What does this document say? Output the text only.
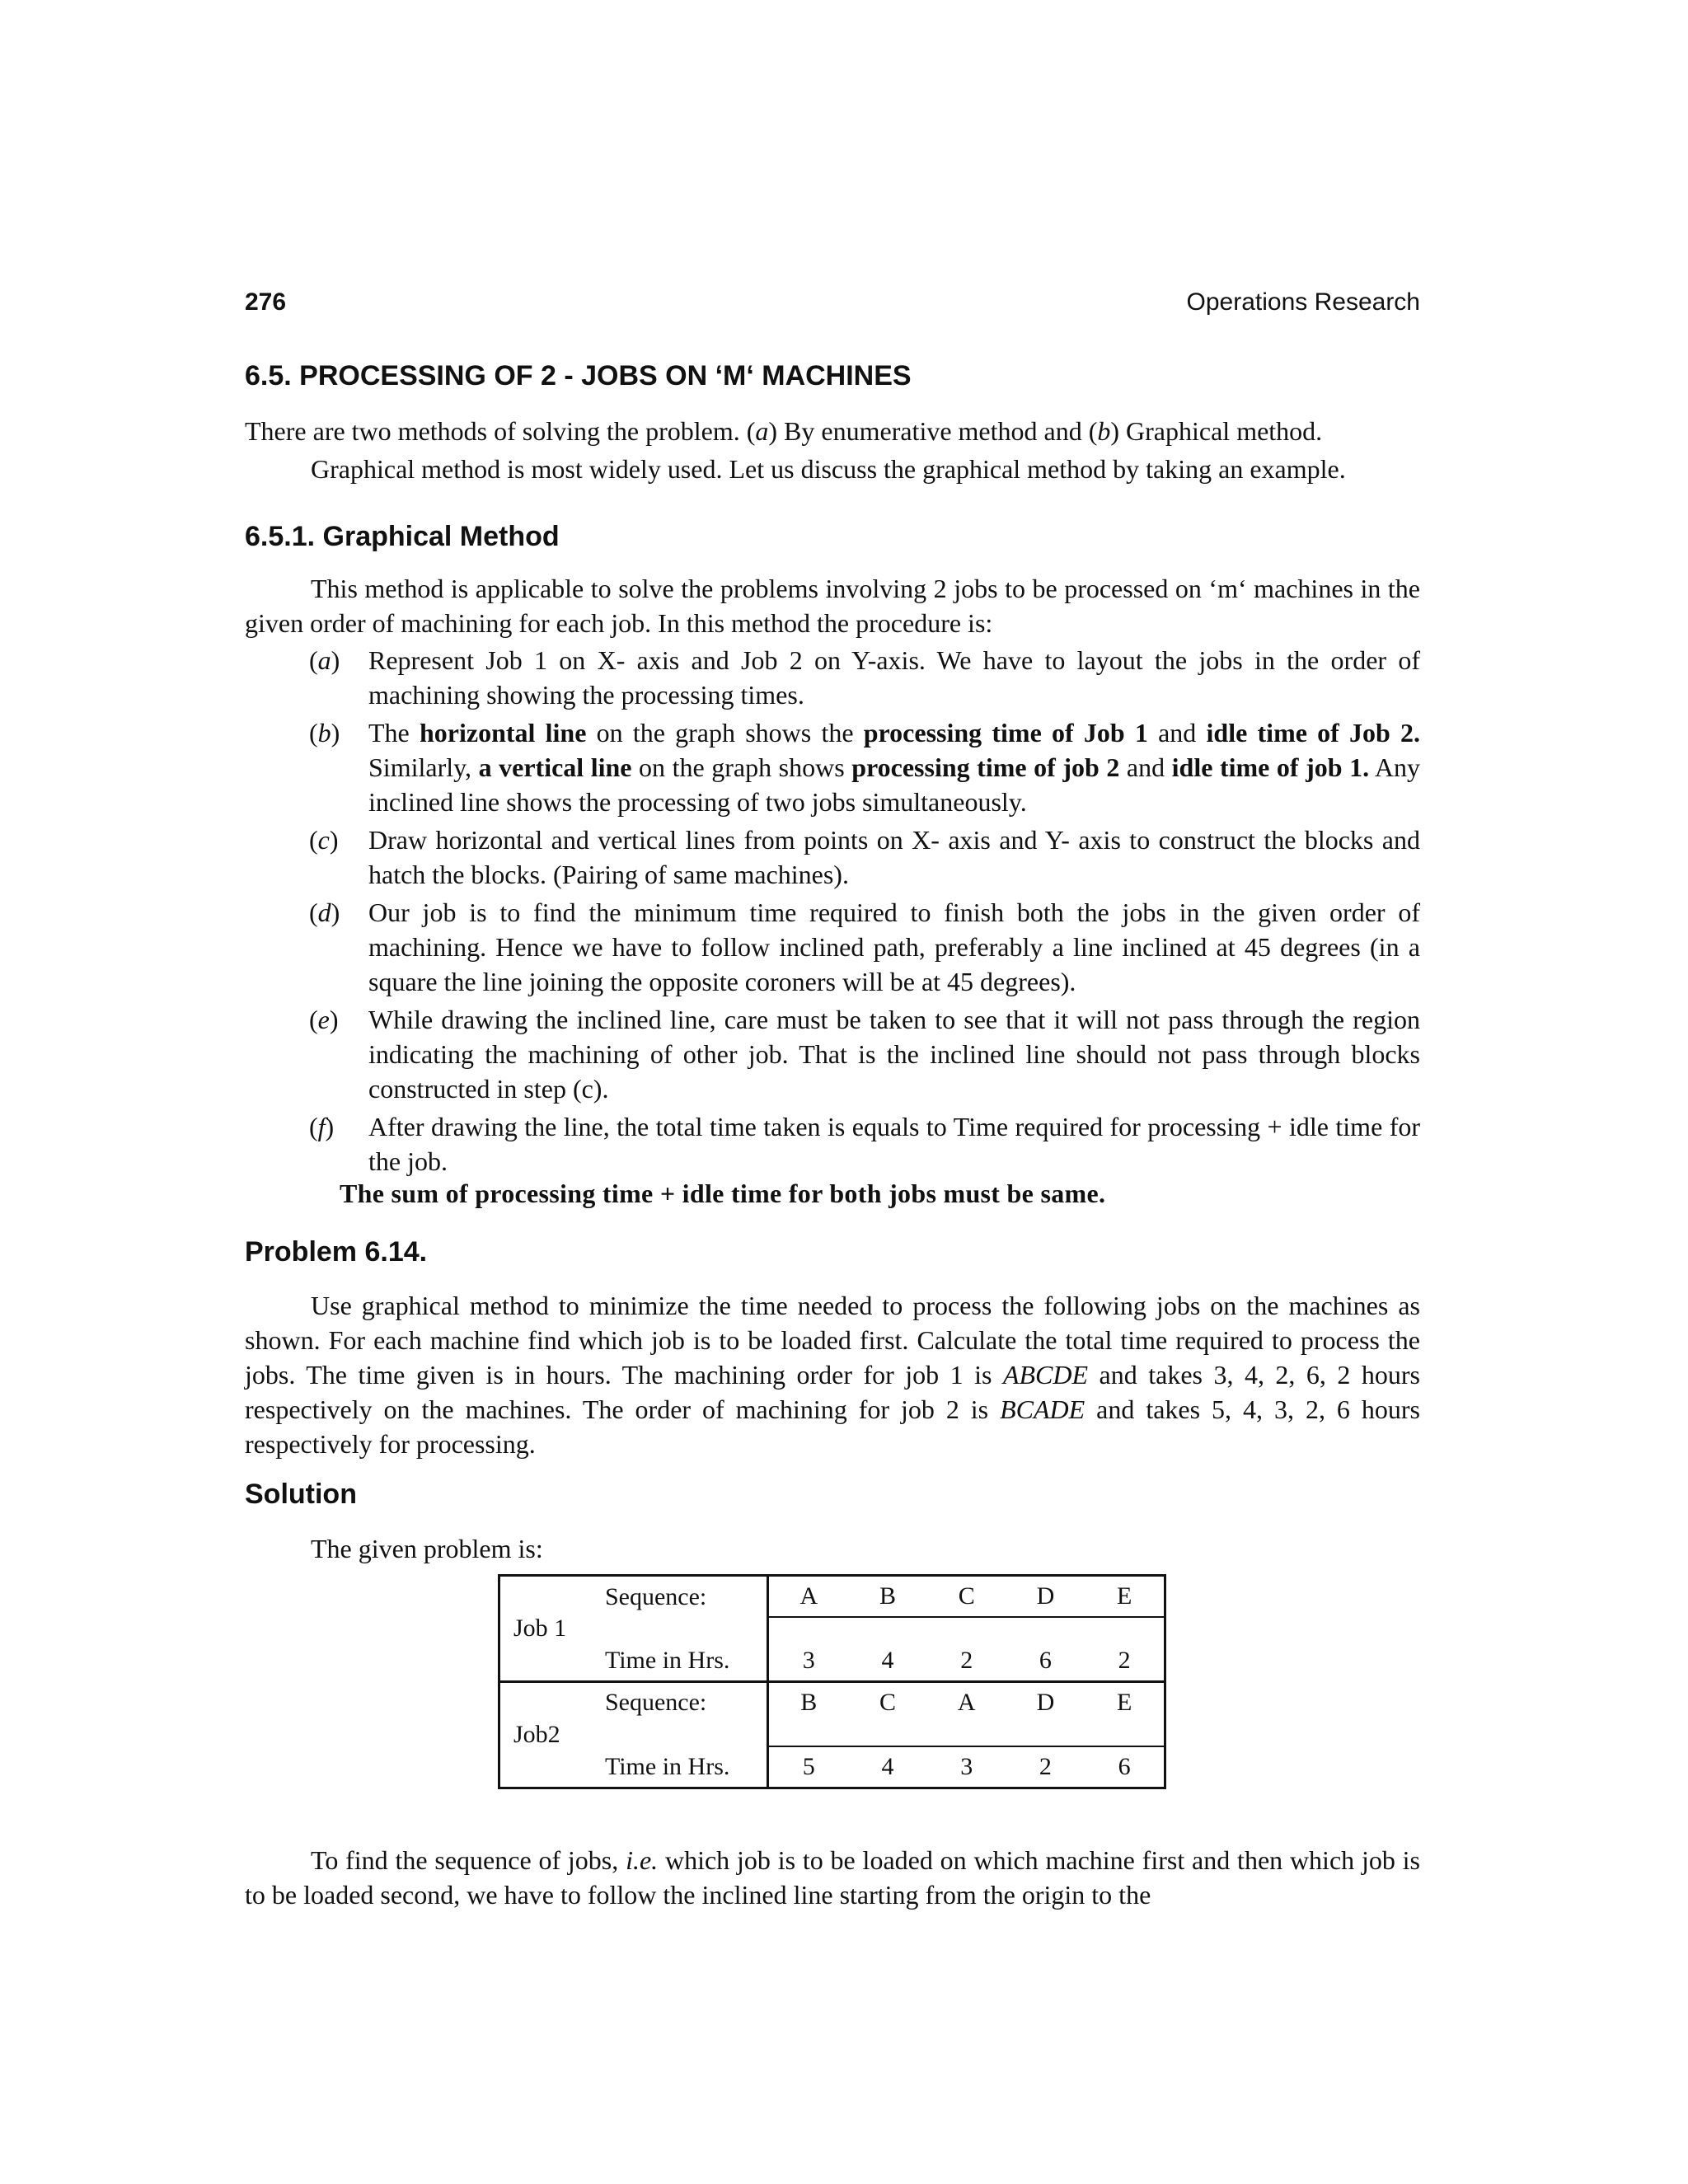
276	Operations Research
6.5. PROCESSING OF 2 - JOBS ON ‘M‘ MACHINES
There are two methods of solving the problem. (a) By enumerative method and (b) Graphical method.
Graphical method is most widely used. Let us discuss the graphical method by taking an example.
6.5.1. Graphical Method
This method is applicable to solve the problems involving 2 jobs to be processed on ‘m‘ machines in the given order of machining for each job. In this method the procedure is:
(a) Represent Job 1 on X- axis and Job 2 on Y-axis. We have to layout the jobs in the order of machining showing the processing times.
(b) The horizontal line on the graph shows the processing time of Job 1 and idle time of Job 2. Similarly, a vertical line on the graph shows processing time of job 2 and idle time of job 1. Any inclined line shows the processing of two jobs simultaneously.
(c) Draw horizontal and vertical lines from points on X- axis and Y- axis to construct the blocks and hatch the blocks. (Pairing of same machines).
(d) Our job is to find the minimum time required to finish both the jobs in the given order of machining. Hence we have to follow inclined path, preferably a line inclined at 45 degrees (in a square the line joining the opposite coroners will be at 45 degrees).
(e) While drawing the inclined line, care must be taken to see that it will not pass through the region indicating the machining of other job. That is the inclined line should not pass through blocks constructed in step (c).
(f) After drawing the line, the total time taken is equals to Time required for processing + idle time for the job.
The sum of processing time + idle time for both jobs must be same.
Problem 6.14.
Use graphical method to minimize the time needed to process the following jobs on the machines as shown. For each machine find which job is to be loaded first. Calculate the total time required to process the jobs. The time given is in hours. The machining order for job 1 is ABCDE and takes 3, 4, 2, 6, 2 hours respectively on the machines. The order of machining for job 2 is BCADE and takes 5, 4, 3, 2, 6 hours respectively for processing.
Solution
The given problem is:
Job 1	Sequence:	A	B	C	D	E

	Time in Hrs.	3	4	2	6	2
Job2	Sequence:	B	C	A	D	E

	Time in Hrs.	5	4	3	2	6
To find the sequence of jobs, i.e. which job is to be loaded on which machine first and then which job is to be loaded second, we have to follow the inclined line starting from the origin to the
